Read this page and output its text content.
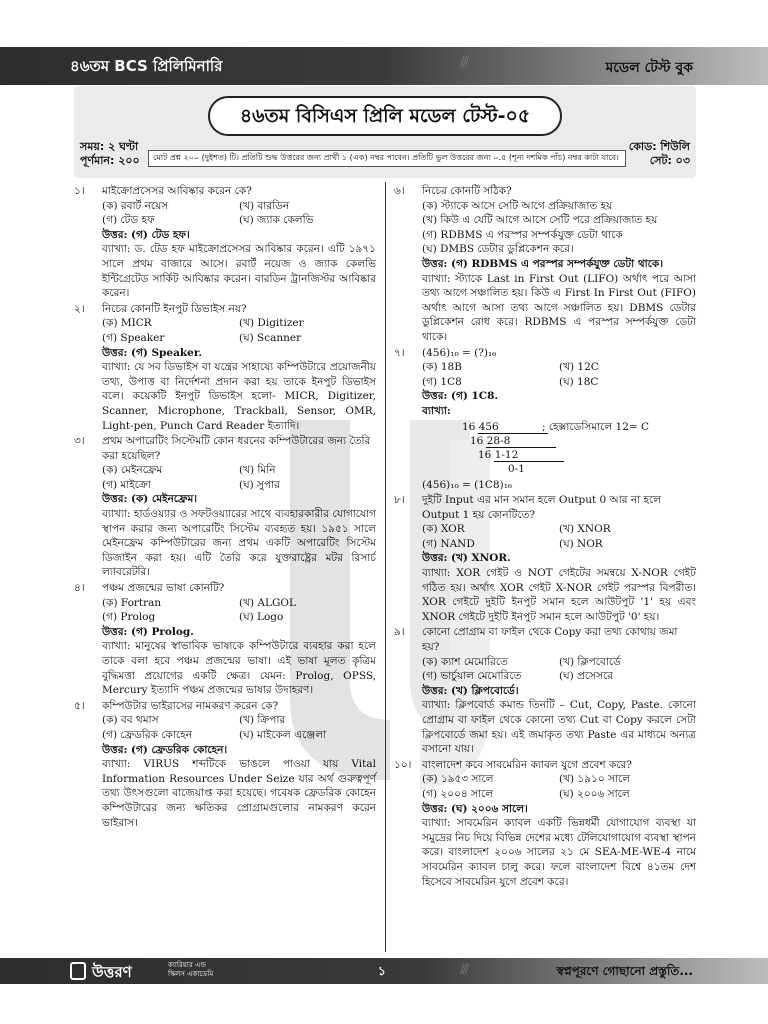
৪৬তম BCS প্রিলিমিনারি	///	মডেল টেস্ট বুক
৪৬তম বিসিএস প্রিলি মডেল টেস্ট-০৫
সময়: ২ ঘণ্টা
পূর্ণমান: ২০০	মোট প্রশ্ন ২০০ (দুইশত) টি। প্রতিটি শুদ্ধ উত্তরের জন্য প্রার্থী ১ (এক) নম্বর পাবেন। প্রতিটি ভুল উত্তরের জন্য ০.৫ (শূন্য দশমিক পাঁচ) নম্বর কাটা যাবে।
কোড: শিউলি
সেট: ০৩
১। মাইক্রোপ্রসেসর আবিষ্কার করেন কে?
(ক) রবার্ট নয়েস	(খ) বারডিন
(গ) টেড হফ	(ঘ) জ্যাক কেলভি
উত্তর: (গ) টেড হফ।
ব্যাখ্যা: ড. টেড হফ মাইক্রোপ্রসেসর আবিষ্কার করেন। এটি ১৯৭১ সালে প্রথম বাজারে আসে। রবার্ট নয়েজ ও জ্যাক কেলভি ইন্টিগ্রেটেড সার্কিট আবিষ্কার করেন। বারডিন ট্রানজিস্টর আবিষ্কার করেন।
২। নিচের কোনটি ইনপুট ডিভাইস নয়?
(ক) MICR	(খ) Digitizer
(গ) Speaker	(ঘ) Scanner
উত্তর: (গ) Speaker.
ব্যাখ্যা: যে সব ডিভাইস বা যন্ত্রের সাহায্যে কম্পিউটারে প্রয়োজনীয় তথ্য, উপাত্ত বা নির্দেশনা প্রদান করা হয় তাকে ইনপুট ডিভাইস বলে। কয়েকটি ইনপুট ডিভাইস হলো- MICR, Digitizer, Scanner, Microphone, Trackball, Sensor, OMR, Light-pen, Punch Card Reader ইত্যাদি।
৩। প্রথম অপারেটিং সিস্টেমটি কোন ধরনের কম্পিউটারের জন্য তৈরি করা হয়েছিল?
(ক) মেইনফ্রেম	(খ) মিনি
(গ) মাইক্রো	(ঘ) সুপার
উত্তর: (ক) মেইনফ্রেম।
ব্যাখ্যা: হার্ডওয়্যার ও সফটওয়্যারের সাথে ব্যবহারকারীর যোগাযোগ স্থাপন করার জন্য অপারেটিং সিস্টেম ব্যবহৃত হয়। ১৯৫১ সালে মেইনফ্রেম কম্পিউটারের জন্য প্রথম একটি অপারেটিং সিস্টেম ডিজাইন করা হয়। এটি তৈরি করে যুক্তরাষ্ট্রের মটর রিসার্চ ল্যাবরেটরি।
৪। পঞ্চম প্রজন্মের ভাষা কোনটি?
(ক) Fortran	(খ) ALGOL
(গ) Prolog	(ঘ) Logo
উত্তর: (গ) Prolog.
ব্যাখ্যা: মানুষের স্বাভাবিক ভাষাকে কম্পিউটারে ব্যবহার করা হলে তাকে বলা হবে পঞ্চম প্রজন্মের ভাষা। এই ভাষা মূলত কৃত্রিম বুদ্ধিমত্তা প্রয়োগের একটি ক্ষেত্র। যেমন: Prolog, OPSS, Mercury ইত্যাদি পঞ্চম প্রজন্মের ভাষার উদাহরণ।
৫। কম্পিউটার ভাইরাসের নামকরণ করেন কে?
(ক) বব থমাস	(খ) ক্রিপার
(গ) ফ্রেডরিক কোহেন	(ঘ) মাইকেল এঞ্জেলা
উত্তর: (গ) ফ্রেডরিক কোহেন।
ব্যাখ্যা: VIRUS শব্দটিকে ভাঙলে পাওয়া যায় Vital Information Resources Under Seize যার অর্থ গুরুত্বপূর্ণ তথ্য উৎসগুলো বাজেয়াপ্ত করা হয়েছে। গবেষক ফ্রেডরিক কোহেন কম্পিউটারের জন্য ক্ষতিকর প্রোগ্রামগুলোর নামকরণ করেন ভাইরাস।
৬। নিচের কোনটি সঠিক?
(ক) স্ট্যাকে আসে সেটি আগে প্রক্রিয়াজাত হয়
(খ) কিউ এ যেটি আগে আসে সেটি পরে প্রক্রিয়াজাত হয়
(গ) RDBMS এ পরস্পর সম্পর্কযুক্ত ডেটা থাকে
(ঘ) DMBS ডেটার ডুপ্লিকেশন করে।
উত্তর: (গ) RDBMS এ পরস্পর সম্পর্কযুক্ত ডেটা থাকে।
ব্যাখ্যা: স্ট্যাকে Last in First Out (LIFO) অর্থাৎ পরে আসা তথ্য আগে সঞ্চালিত হয়। কিউ এ First In First Out (FIFO) অর্থাৎ আগে আসা তথ্য আগে সঞ্চালিত হয়। DBMS ডেটার ডুপ্লিকেশন রোধ করে। RDBMS এ পরস্পর সম্পর্কযুক্ত ডেটা থাকে।
৭। (456)₁₀ = (?)₁₆
(ক) 18B	(খ) 12C
(গ) 1C8	(ঘ) 18C
উত্তর: (গ) 1C8.
ব্যাখ্যা:
16 456	; হেক্সাডেসিমালে 12= C
16 28-8
16 1-12
0-1
(456)₁₀ = (1C8)₁₆
৮। দুইটি Input এর মান সমান হলে Output 0 আর না হলে Output 1 হয় কোনটিতে?
(ক) XOR	(খ) XNOR
(গ) NAND	(ঘ) NOR
উত্তর: (খ) XNOR.
ব্যাখ্যা: XOR গেইট ও NOT গেইটের সমন্বয়ে X-NOR গেইট গঠিত হয়। অর্থাৎ XOR গেইট X-NOR গেইট পরস্পর বিপরীত। XOR গেইটে দুইটি ইনপুট সমান হলে আউটপুট '1' হয় এবং XNOR গেইটে দুইটি ইনপুট সমান হলে আউটপুট '0' হয়।
৯। কোনো প্রোগ্রাম বা ফাইল থেকে Copy করা তথ্য কোথায় জমা হয়?
(ক) ক্যাশ মেমোরিতে	(খ) ক্লিপবোর্ডে
(গ) ভার্চুয়াল মেমোরিতে	(ঘ) প্রসেসরে
উত্তর: (খ) ক্লিপবোর্ডে।
ব্যাখ্যা: ক্লিপবোর্ড কমান্ড তিনটি – Cut, Copy, Paste. কোনো প্রোগ্রাম বা ফাইল থেকে কোনো তথ্য Cut বা Copy করলে সেটা ক্লিপবোর্ডে জমা হয়। এই জমাকৃত তথ্য Paste এর মাধ্যমে অন্যত্র বসানো যায়।
১০। বাংলাদেশ কবে সাবমেরিন ক্যাবল যুগে প্রবেশ করে?
(ক) ১৯৫৩ সালে	(খ) ১৯১০ সালে
(গ) ২০০৪ সালে	(ঘ) ২০০৬ সালে
উত্তর: (ঘ) ২০০৬ সালে।
ব্যাখ্যা: সাবমেরিন ক্যাবল একটি ভিন্নধর্মী যোগাযোগ ব্যবস্থা যা সমুদ্রের নিচ দিয়ে বিভিন্ন দেশের মধ্যে টেলিযোগাযোগ ব্যবস্থা স্থাপন করে। বাংলাদেশ ২০০৬ সালের ২১ মে SEA-ME-WE-4 নামে সাবমেরিন ক্যাবল চালু করে। ফলে বাংলাদেশ বিশ্বে ৪১তম দেশ হিসেবে সাবমেরিন যুগে প্রবেশ করে।
উত্তরণ	ক্যারিয়ার এন্ড
স্কিলস একাডেমি	১	///	স্বপ্নপূরণে গোছানো প্রস্তুতি...
